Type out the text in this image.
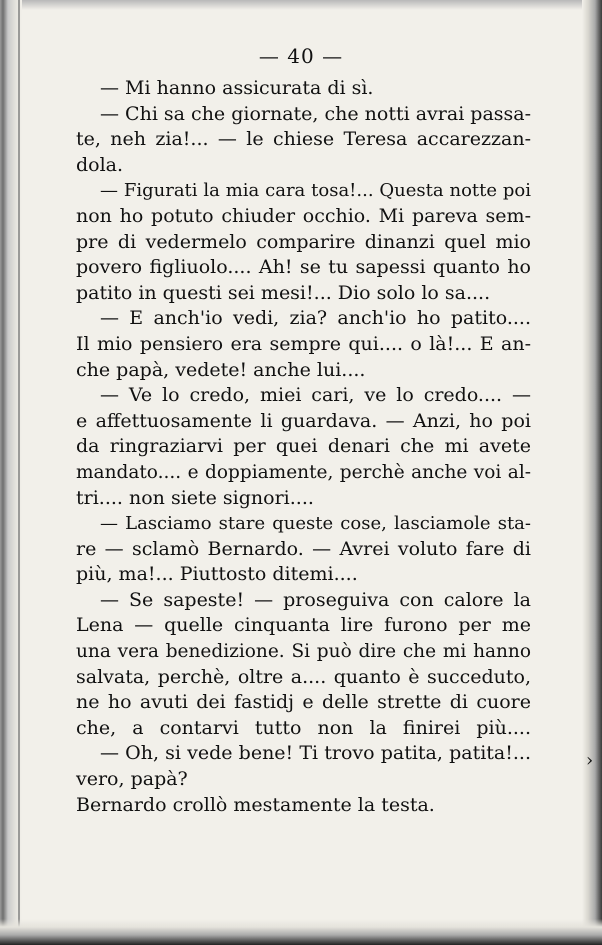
— 40 —
— Mi hanno assicurata di sì.
— Chi sa che giornate, che notti avrai passa-
te, neh zia!... — le chiese Teresa accarezzan-
dola.
— Figurati la mia cara tosa!... Questa notte poi
non ho potuto chiuder occhio. Mi pareva sem-
pre di vedermelo comparire dinanzi quel mio
povero figliuolo.... Ah! se tu sapessi quanto ho
patito in questi sei mesi!... Dio solo lo sa....
— E anch'io vedi, zia? anch'io ho patito....
Il mio pensiero era sempre qui.... o là!... E an-
che papà, vedete! anche lui....
— Ve lo credo, miei cari, ve lo credo.... —
e affettuosamente li guardava. — Anzi, ho poi
da ringraziarvi per quei denari che mi avete
mandato.... e doppiamente, perchè anche voi al-
tri.... non siete signori....
— Lasciamo stare queste cose, lasciamole sta-
re — sclamò Bernardo. — Avrei voluto fare di
più, ma!... Piuttosto ditemi....
— Se sapeste! — proseguiva con calore la
Lena — quelle cinquanta lire furono per me
una vera benedizione. Si può dire che mi hanno
salvata, perchè, oltre a.... quanto è succeduto,
ne ho avuti dei fastidj e delle strette di cuore
che, a contarvi tutto non la finirei più....
— Oh, si vede bene! Ti trovo patita, patita!...
vero, papà?
Bernardo crollò mestamente la testa.
›
